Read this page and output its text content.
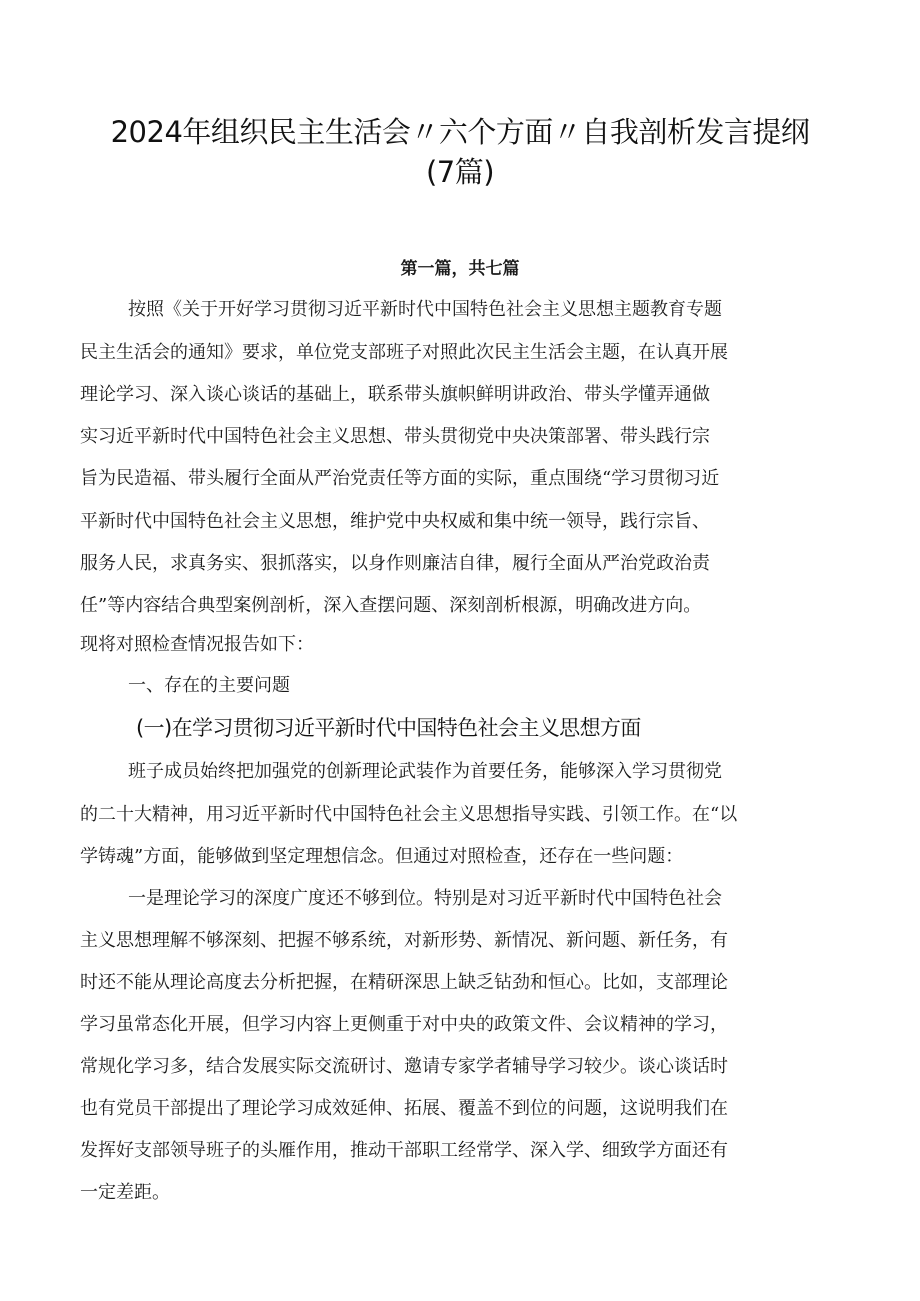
2024年组织民主生活会〃六个方面〃自我剖析发言提纲
(7篇)
第一篇，共七篇
按照《关于开好学习贯彻习近平新时代中国特色社会主义思想主题教育专题
民主生活会的通知》要求，单位党支部班子对照此次民主生活会主题，在认真开展
理论学习、深入谈心谈话的基础上，联系带头旗帜鲜明讲政治、带头学懂弄通做
实习近平新时代中国特色社会主义思想、带头贯彻党中央决策部署、带头践行宗
旨为民造福、带头履行全面从严治党责任等方面的实际，重点围绕“学习贯彻习近
平新时代中国特色社会主义思想，维护党中央权威和集中统一领导，践行宗旨、
服务人民，求真务实、狠抓落实，以身作则廉洁自律，履行全面从严治党政治责
任”等内容结合典型案例剖析，深入查摆问题、深刻剖析根源，明确改进方向。
现将对照检查情况报告如下：
一、存在的主要问题
(一)在学习贯彻习近平新时代中国特色社会主义思想方面
班子成员始终把加强党的创新理论武装作为首要任务，能够深入学习贯彻党
的二十大精神，用习近平新时代中国特色社会主义思想指导实践、引领工作。在“以
学铸魂”方面，能够做到坚定理想信念。但通过对照检查，还存在一些问题：
一是理论学习的深度广度还不够到位。特别是对习近平新时代中国特色社会
主义思想理解不够深刻、把握不够系统，对新形势、新情况、新问题、新任务，有
时还不能从理论高度去分析把握，在精研深思上缺乏钻劲和恒心。比如，支部理论
学习虽常态化开展，但学习内容上更侧重于对中央的政策文件、会议精神的学习，
常规化学习多，结合发展实际交流研讨、邀请专家学者辅导学习较少。谈心谈话时
也有党员干部提出了理论学习成效延伸、拓展、覆盖不到位的问题，这说明我们在
发挥好支部领导班子的头雁作用，推动干部职工经常学、深入学、细致学方面还有
一定差距。
